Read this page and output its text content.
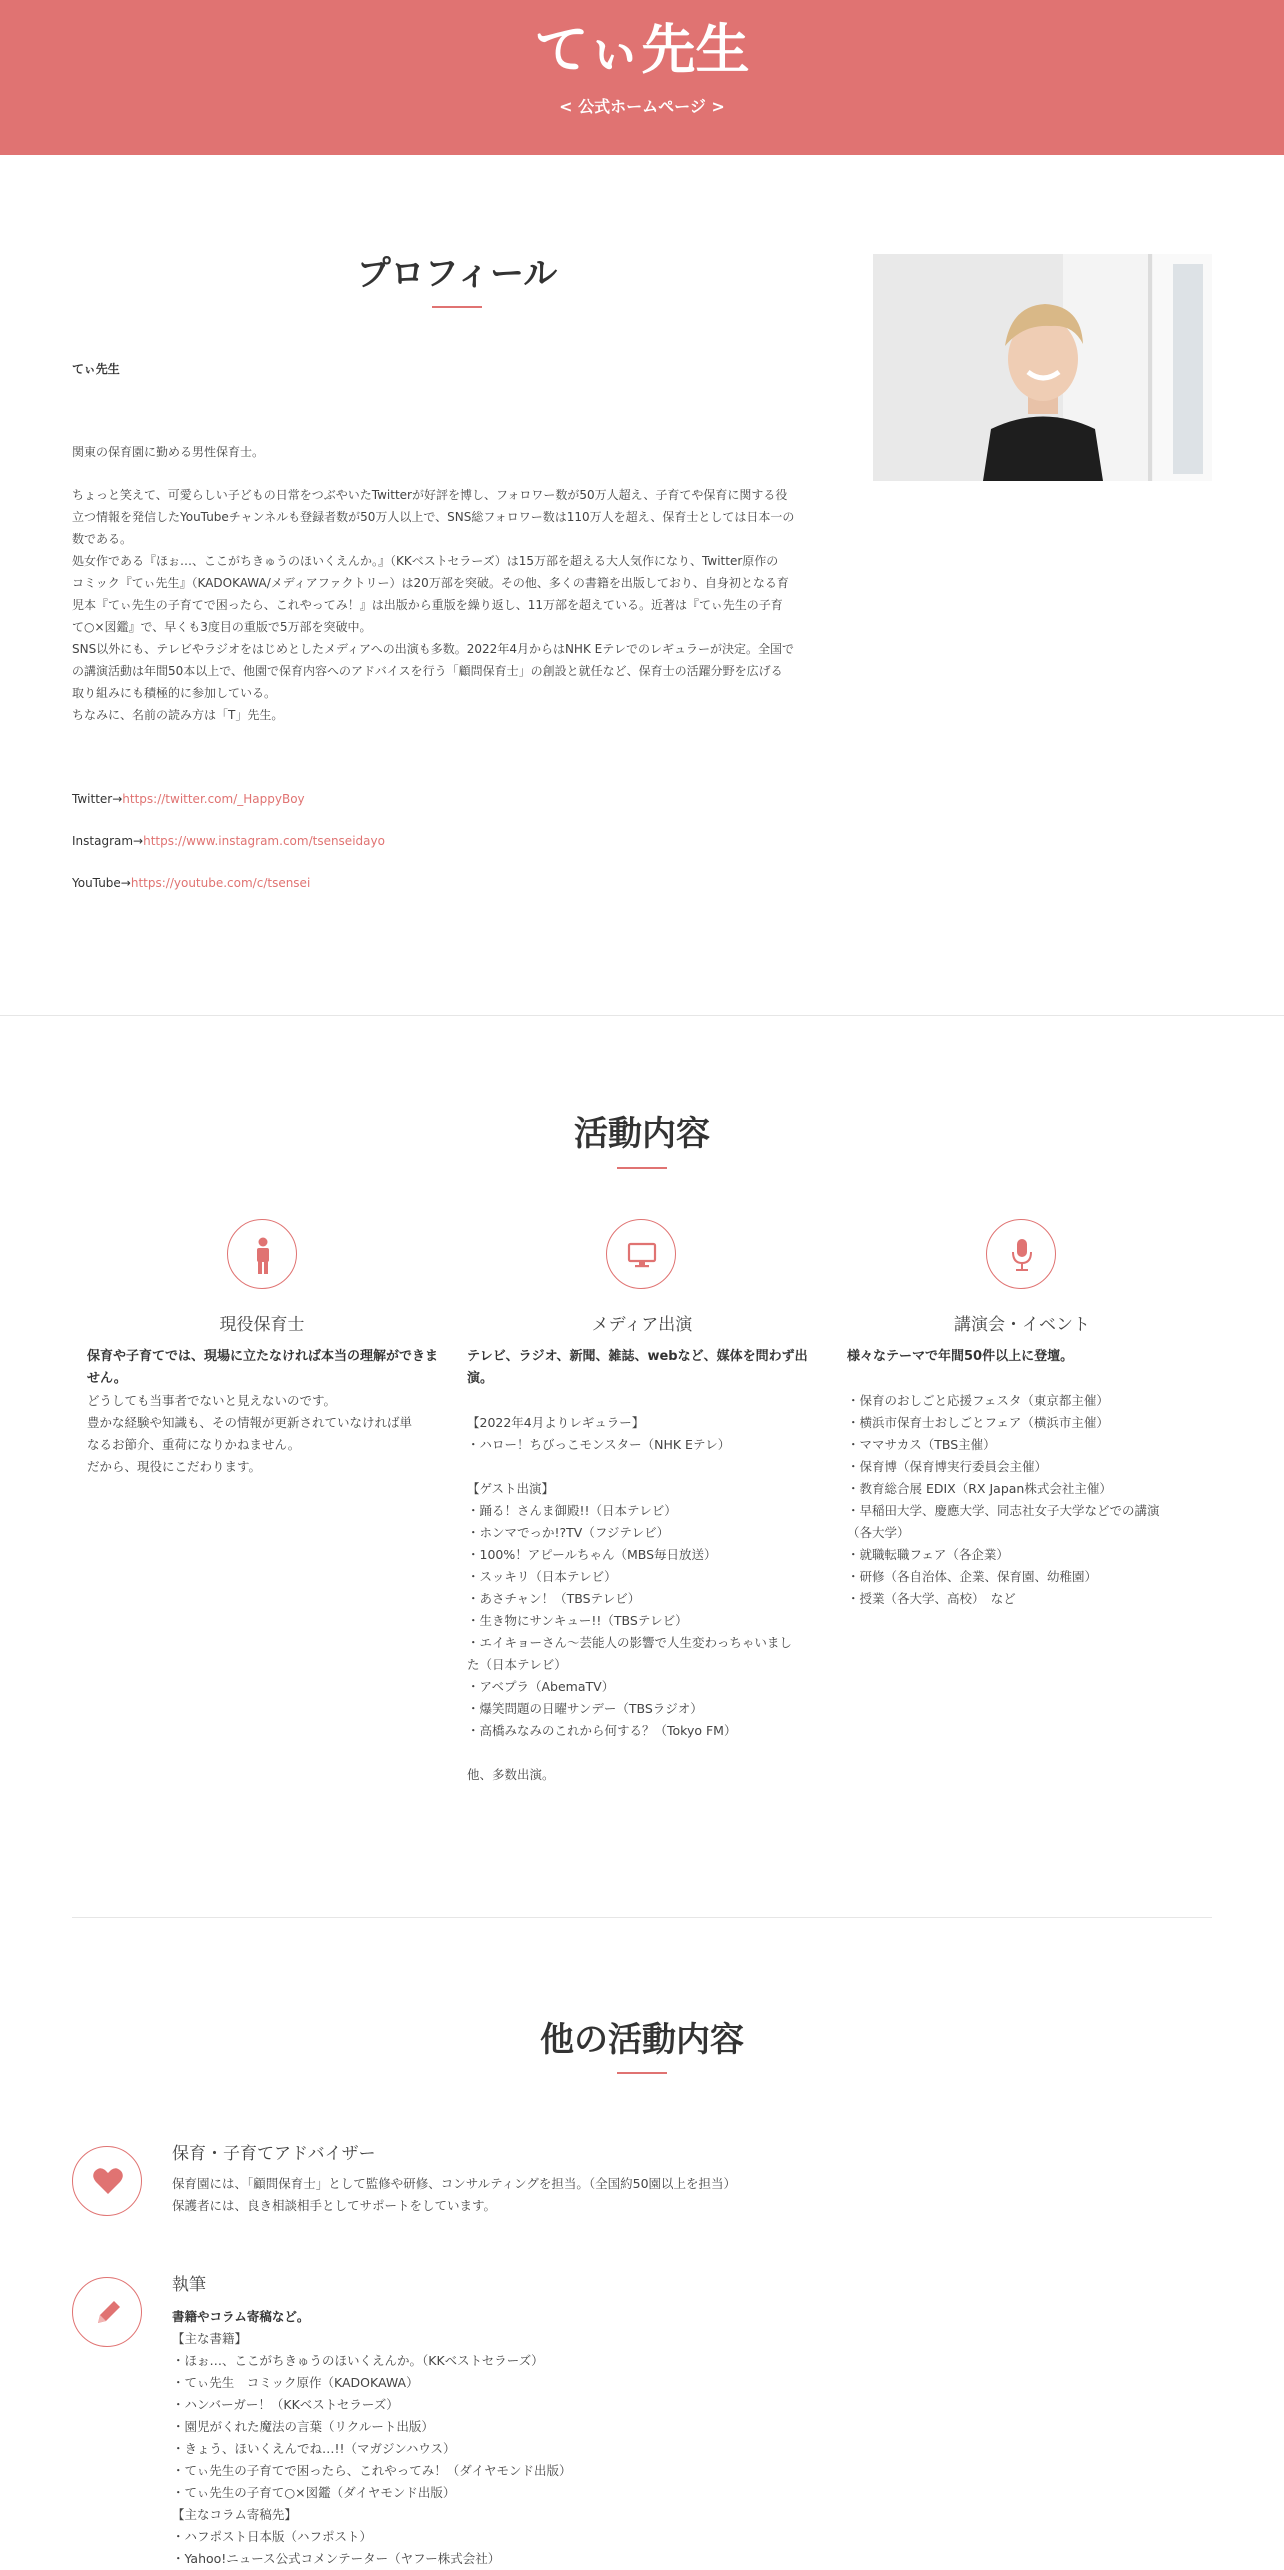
てぃ先生
< 公式ホームページ >
プロフィール
てぃ先生
関東の保育園に勤める男性保育士。
ちょっと笑えて、可愛らしい子どもの日常をつぶやいたTwitterが好評を博し、フォロワー数が50万人超え、子育てや保育に関する役
立つ情報を発信したYouTubeチャンネルも登録者数が50万人以上で、SNS総フォロワー数は110万人を超え、保育士としては日本一の
数である。
処女作である『ほぉ…、ここがちきゅうのほいくえんか。』（KKベストセラーズ）は15万部を超える大人気作になり、Twitter原作の
コミック『てぃ先生』（KADOKAWA/メディアファクトリー）は20万部を突破。その他、多くの書籍を出版しており、自身初となる育
児本『てぃ先生の子育てで困ったら、これやってみ！』は出版から重版を繰り返し、11万部を超えている。近著は『てぃ先生の子育
て○×図鑑』で、早くも3度目の重版で5万部を突破中。
SNS以外にも、テレビやラジオをはじめとしたメディアへの出演も多数。2022年4月からはNHK Eテレでのレギュラーが決定。全国で
の講演活動は年間50本以上で、他園で保育内容へのアドバイスを行う「顧問保育士」の創設と就任など、保育士の活躍分野を広げる
取り組みにも積極的に参加している。
ちなみに、名前の読み方は「T」先生。
Twitter→https://twitter.com/_HappyBoy
Instagram→https://www.instagram.com/tsenseidayo
YouTube→https://youtube.com/c/tsensei
活動内容
現役保育士
保育や子育てでは、現場に立たなければ本当の理解ができま
せん。
どうしても当事者でないと見えないのです。
豊かな経験や知識も、その情報が更新されていなければ単
なるお節介、重荷になりかねません。
だから、現役にこだわります。
メディア出演
テレビ、ラジオ、新聞、雑誌、webなど、媒体を問わず出
演。
【2022年4月よりレギュラー】
・ハロー！ちびっこモンスター（NHK Eテレ）
【ゲスト出演】
・踊る！さんま御殿!!（日本テレビ）
・ホンマでっか!?TV（フジテレビ）
・100%！アピールちゃん（MBS毎日放送）
・スッキリ（日本テレビ）
・あさチャン！（TBSテレビ）
・生き物にサンキュー!!（TBSテレビ）
・エイキョーさん〜芸能人の影響で人生変わっちゃいまし
た（日本テレビ）
・アベプラ（AbemaTV）
・爆笑問題の日曜サンデー（TBSラジオ）
・高橋みなみのこれから何する？（Tokyo FM）
他、多数出演。
講演会・イベント
様々なテーマで年間50件以上に登壇。
・保育のおしごと応援フェスタ（東京都主催）
・横浜市保育士おしごとフェア（横浜市主催）
・ママサカス（TBS主催）
・保育博（保育博実行委員会主催）
・教育総合展 EDIX（RX Japan株式会社主催）
・早稲田大学、慶應大学、同志社女子大学などでの講演
（各大学）
・就職転職フェア（各企業）
・研修（各自治体、企業、保育園、幼稚園）
・授業（各大学、高校）　など
他の活動内容
保育・子育てアドバイザー
保育園には、「顧問保育士」として監修や研修、コンサルティングを担当。（全国約50園以上を担当）
保護者には、良き相談相手としてサポートをしています。
執筆
書籍やコラム寄稿など。
【主な書籍】
・ほぉ…、ここがちきゅうのほいくえんか。（KKベストセラーズ）
・てぃ先生　コミック原作（KADOKAWA）
・ハンバーガー！（KKベストセラーズ）
・園児がくれた魔法の言葉（リクルート出版）
・きょう、ほいくえんでね…!!（マガジンハウス）
・てぃ先生の子育てで困ったら、これやってみ！（ダイヤモンド出版）
・てぃ先生の子育て○×図鑑（ダイヤモンド出版）
【主なコラム寄稿先】
・ハフポスト日本版（ハフポスト）
・Yahoo!ニュース公式コメンテーター（ヤフー株式会社）
